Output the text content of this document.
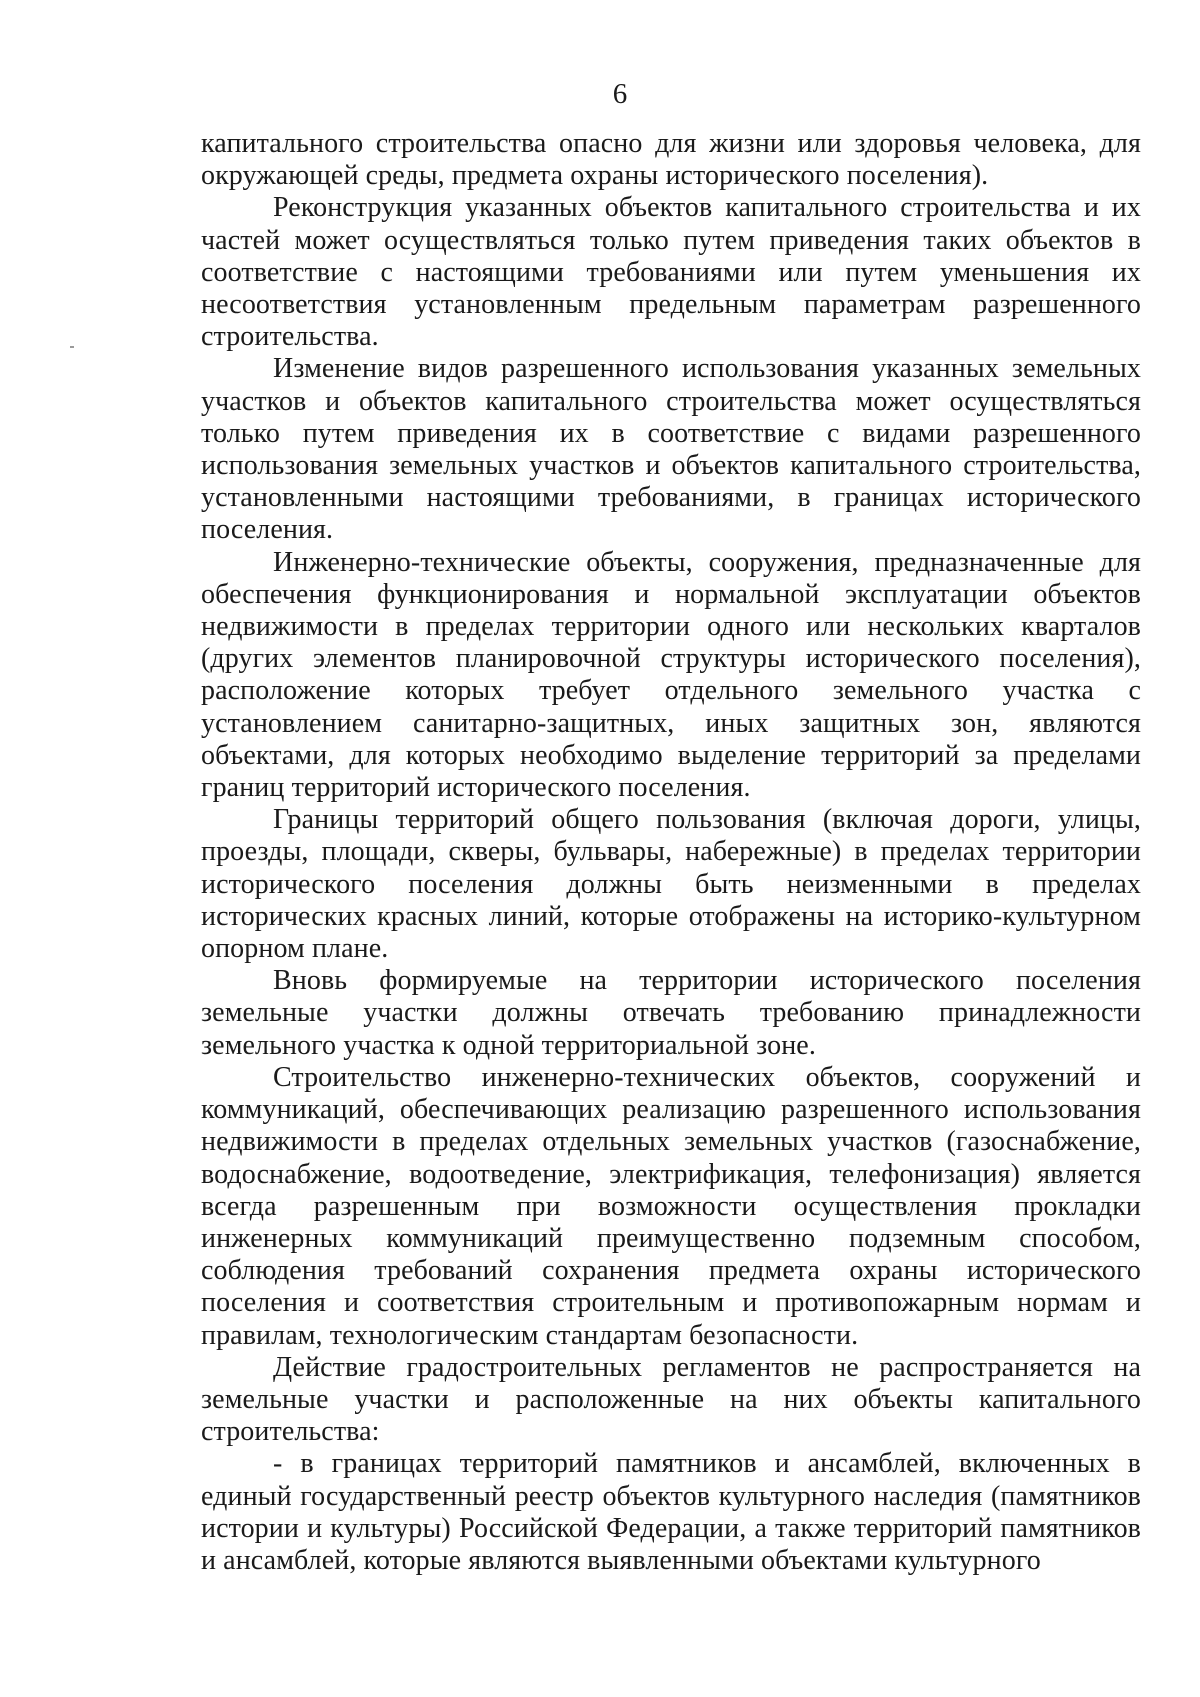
6

капитального строительства опасно для жизни или здоровья человека, для окружающей среды, предмета охраны исторического поселения).

Реконструкция указанных объектов капитального строительства и их частей может осуществляться только путем приведения таких объектов в соответствие с настоящими требованиями или путем уменьшения их несоответствия установленным предельным параметрам разрешенного строительства.

Изменение видов разрешенного использования указанных земельных участков и объектов капитального строительства может осуществляться только путем приведения их в соответствие с видами разрешенного использования земельных участков и объектов капитального строительства, установленными настоящими требованиями, в границах исторического поселения.

Инженерно-технические объекты, сооружения, предназначенные для обеспечения функционирования и нормальной эксплуатации объектов недвижимости в пределах территории одного или нескольких кварталов (других элементов планировочной структуры исторического поселения), расположение которых требует отдельного земельного участка с установлением санитарно-защитных, иных защитных зон, являются объектами, для которых необходимо выделение территорий за пределами границ территорий исторического поселения.

Границы территорий общего пользования (включая дороги, улицы, проезды, площади, скверы, бульвары, набережные) в пределах территории исторического поселения должны быть неизменными в пределах исторических красных линий, которые отображены на историко-культурном опорном плане.

Вновь формируемые на территории исторического поселения земельные участки должны отвечать требованию принадлежности земельного участка к одной территориальной зоне.

Строительство инженерно-технических объектов, сооружений и коммуникаций, обеспечивающих реализацию разрешенного использования недвижимости в пределах отдельных земельных участков (газоснабжение, водоснабжение, водоотведение, электрификация, телефонизация) является всегда разрешенным при возможности осуществления прокладки инженерных коммуникаций преимущественно подземным способом, соблюдения требований сохранения предмета охраны исторического поселения и соответствия строительным и противопожарным нормам и правилам, технологическим стандартам безопасности.

Действие градостроительных регламентов не распространяется на земельные участки и расположенные на них объекты капитального строительства:

- в границах территорий памятников и ансамблей, включенных в единый государственный реестр объектов культурного наследия (памятников истории и культуры) Российской Федерации, а также территорий памятников и ансамблей, которые являются выявленными объектами культурного
